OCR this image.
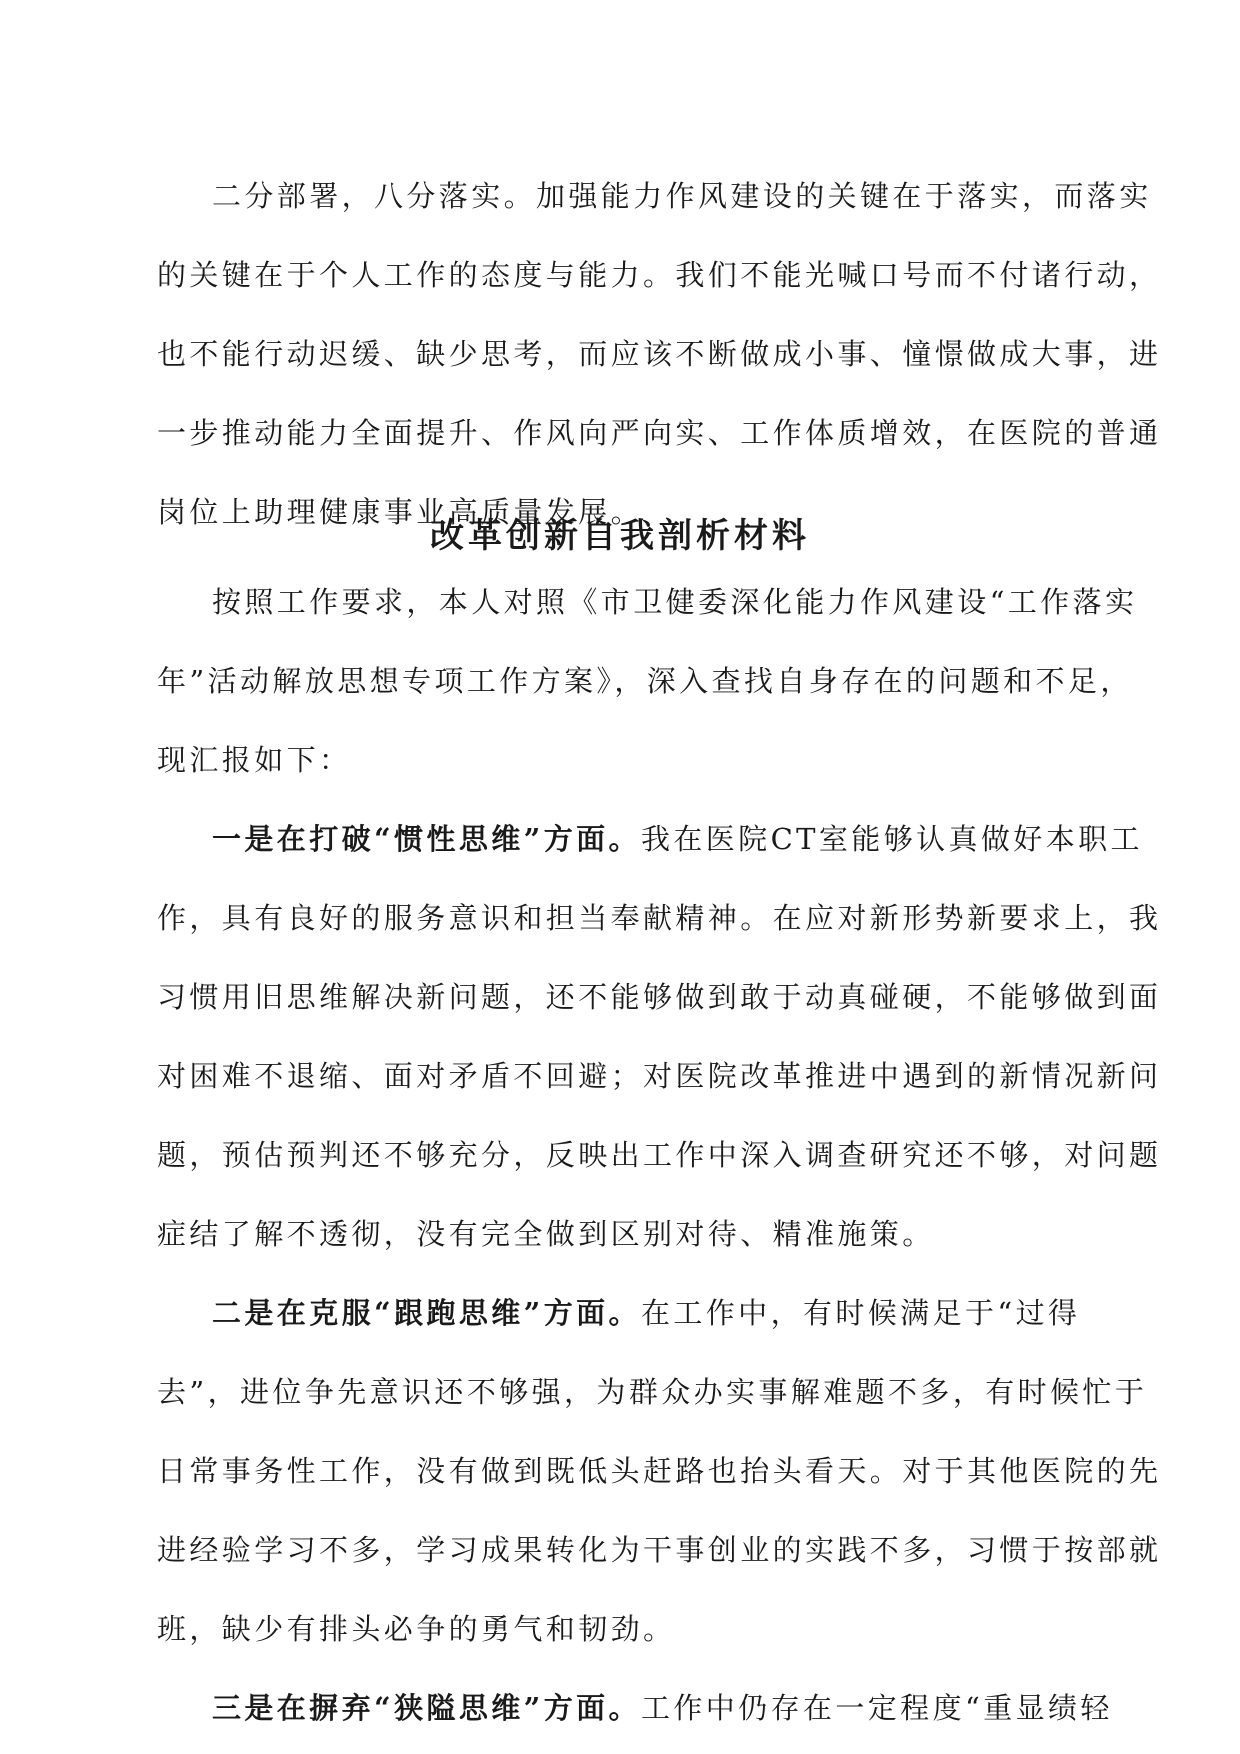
二分部署，八分落实。加强能力作风建设的关键在于落实，而落实
的关键在于个人工作的态度与能力。我们不能光喊口号而不付诸行动，
也不能行动迟缓、缺少思考，而应该不断做成小事、憧憬做成大事，进
一步推动能力全面提升、作风向严向实、工作体质增效，在医院的普通
岗位上助理健康事业高质量发展。
改革创新自我剖析材料
按照工作要求，本人对照《市卫健委深化能力作风建设“工作落实
年”活动解放思想专项工作方案》，深入查找自身存在的问题和不足，
现汇报如下：
一是在打破“惯性思维”方面。我在医院CT室能够认真做好本职工
作，具有良好的服务意识和担当奉献精神。在应对新形势新要求上，我
习惯用旧思维解决新问题，还不能够做到敢于动真碰硬，不能够做到面
对困难不退缩、面对矛盾不回避；对医院改革推进中遇到的新情况新问
题，预估预判还不够充分，反映出工作中深入调查研究还不够，对问题
症结了解不透彻，没有完全做到区别对待、精准施策。
二是在克服“跟跑思维”方面。在工作中，有时候满足于“过得
去”，进位争先意识还不够强，为群众办实事解难题不多，有时候忙于
日常事务性工作，没有做到既低头赶路也抬头看天。对于其他医院的先
进经验学习不多，学习成果转化为干事创业的实践不多，习惯于按部就
班，缺少有排头必争的勇气和韧劲。
三是在摒弃“狭隘思维”方面。工作中仍存在一定程度“重显绩轻
